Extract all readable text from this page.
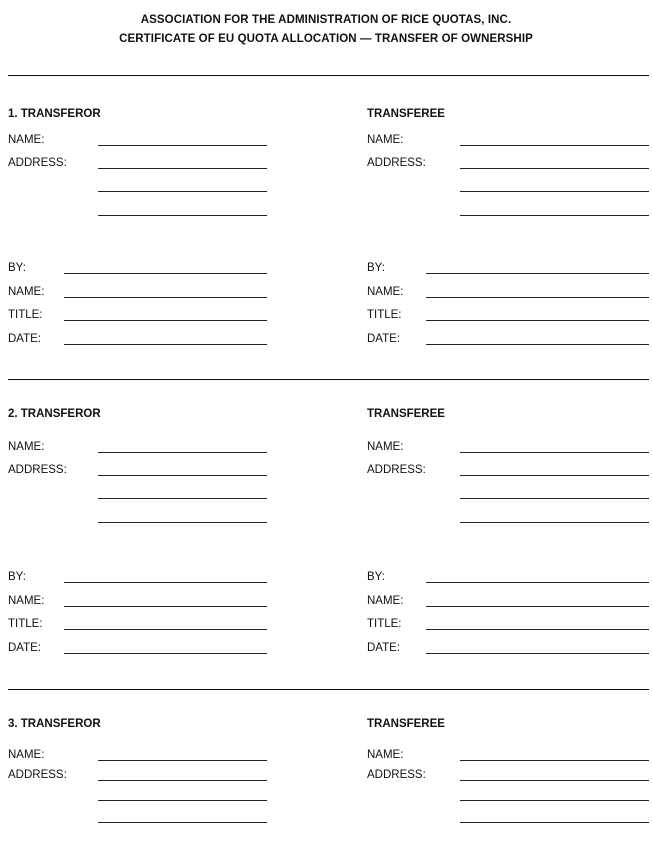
ASSOCIATION FOR THE ADMINISTRATION OF RICE QUOTAS, INC.
CERTIFICATE OF EU QUOTA ALLOCATION — TRANSFER OF OWNERSHIP
1. TRANSFEROR
NAME:
ADDRESS:
BY:
NAME:
TITLE:
DATE:
TRANSFEREE
NAME:
ADDRESS:
BY:
NAME:
TITLE:
DATE:
2. TRANSFEROR
NAME:
ADDRESS:
BY:
NAME:
TITLE:
DATE:
TRANSFEREE
NAME:
ADDRESS:
BY:
NAME:
TITLE:
DATE:
3. TRANSFEROR
NAME:
ADDRESS:
TRANSFEREE
NAME:
ADDRESS:
